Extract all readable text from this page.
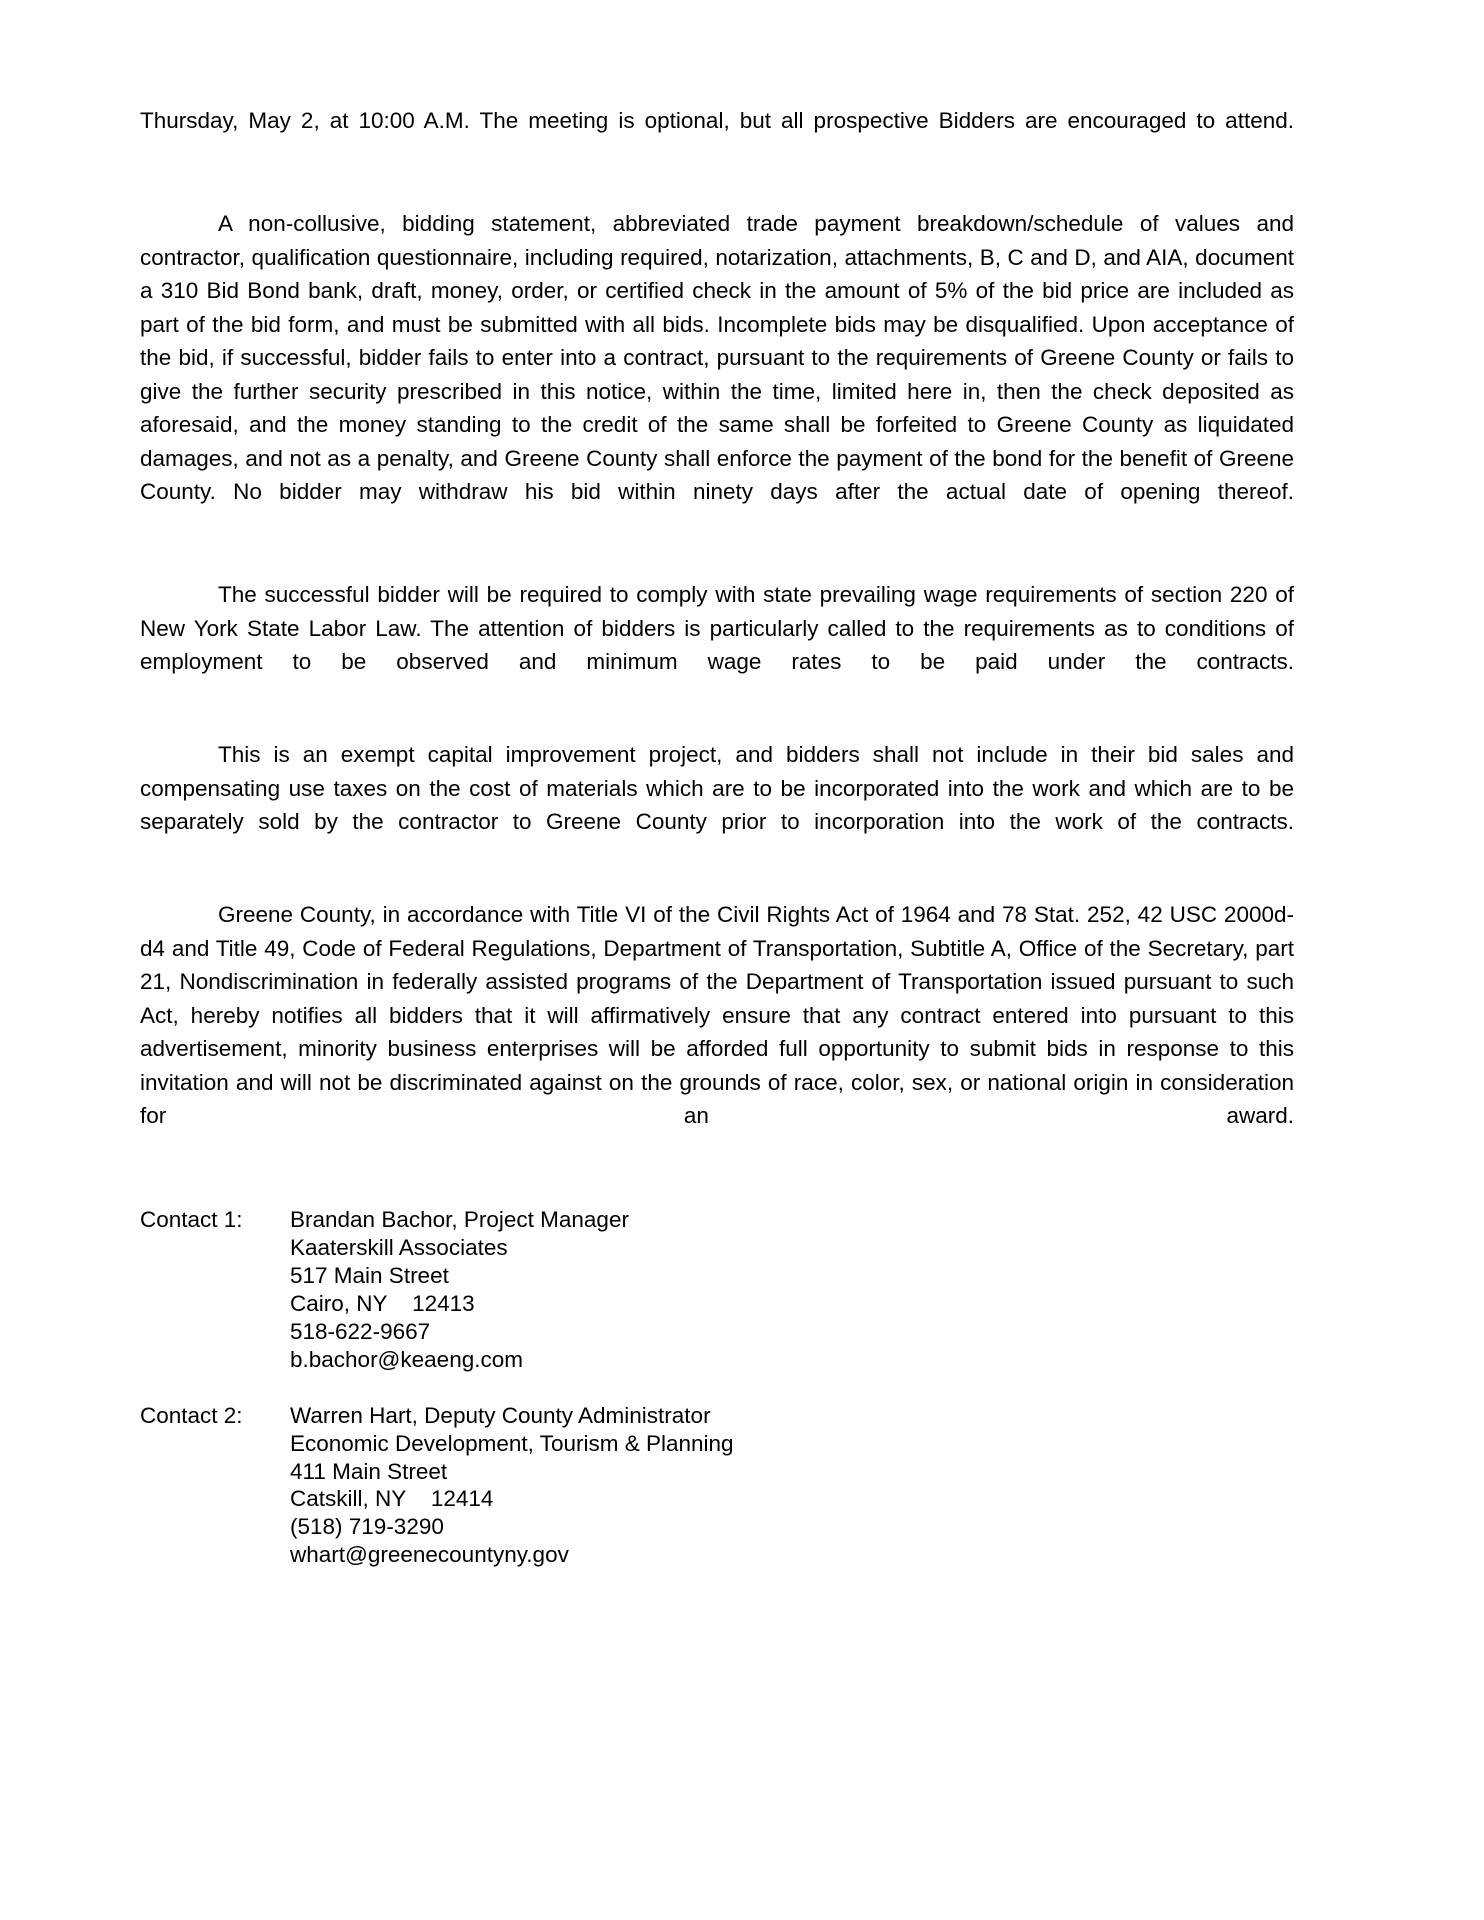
Thursday, May 2, at 10:00 A.M. The meeting is optional, but all prospective Bidders are encouraged to attend.

A non-collusive, bidding statement, abbreviated trade payment breakdown/schedule of values and contractor, qualification questionnaire, including required, notarization, attachments, B, C and D, and AIA, document a 310 Bid Bond bank, draft, money, order, or certified check in the amount of 5% of the bid price are included as part of the bid form, and must be submitted with all bids. Incomplete bids may be disqualified. Upon acceptance of the bid, if successful, bidder fails to enter into a contract, pursuant to the requirements of Greene County or fails to give the further security prescribed in this notice, within the time, limited here in, then the check deposited as aforesaid, and the money standing to the credit of the same shall be forfeited to Greene County as liquidated damages, and not as a penalty, and Greene County shall enforce the payment of the bond for the benefit of Greene County. No bidder may withdraw his bid within ninety days after the actual date of opening thereof.

The successful bidder will be required to comply with state prevailing wage requirements of section 220 of New York State Labor Law. The attention of bidders is particularly called to the requirements as to conditions of employment to be observed and minimum wage rates to be paid under the contracts.

This is an exempt capital improvement project, and bidders shall not include in their bid sales and compensating use taxes on the cost of materials which are to be incorporated into the work and which are to be separately sold by the contractor to Greene County prior to incorporation into the work of the contracts.

Greene County, in accordance with Title VI of the Civil Rights Act of 1964 and 78 Stat. 252, 42 USC 2000d-d4 and Title 49, Code of Federal Regulations, Department of Transportation, Subtitle A, Office of the Secretary, part 21, Nondiscrimination in federally assisted programs of the Department of Transportation issued pursuant to such Act, hereby notifies all bidders that it will affirmatively ensure that any contract entered into pursuant to this advertisement, minority business enterprises will be afforded full opportunity to submit bids in response to this invitation and will not be discriminated against on the grounds of race, color, sex, or national origin in consideration for an award.

Contact 1:	Brandan Bachor, Project Manager
Kaaterskill Associates
517 Main Street
Cairo, NY    12413
518-622-9667
b.bachor@keaeng.com
Contact 2:	Warren Hart, Deputy County Administrator
Economic Development, Tourism & Planning
411 Main Street
Catskill, NY    12414
(518) 719-3290
whart@greenecountyny.gov
